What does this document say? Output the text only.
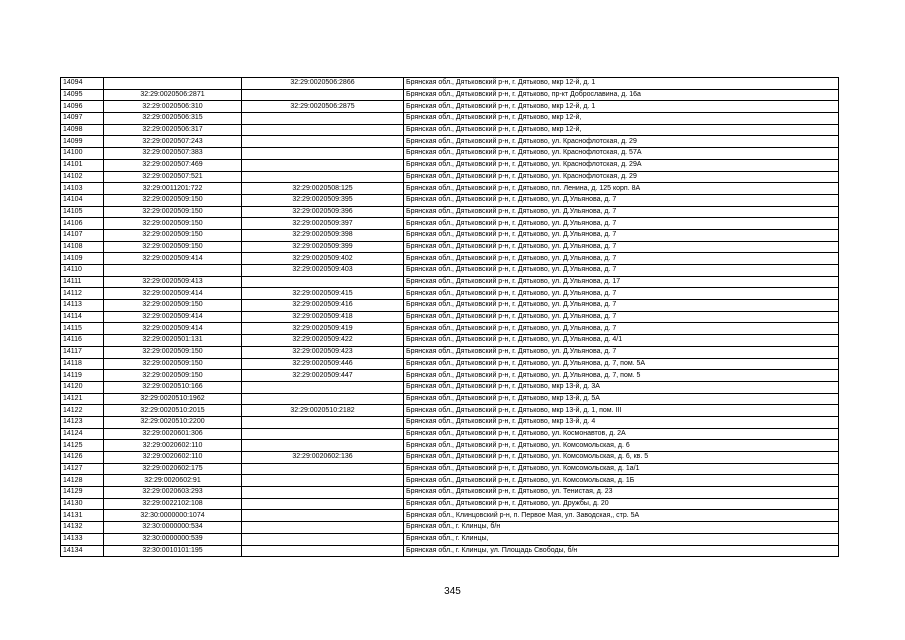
14094		32:29:0020506:2866	Брянская обл., Дятьковский р-н, г. Дятьково, мкр 12-й, д. 1
14095	32:29:0020506:2871		Брянская обл., Дятьковский р-н, г. Дятьково, пр-кт Доброславина, д. 16а
14096	32:29:0020506:310	32:29:0020506:2875	Брянская обл., Дятьковский р-н, г. Дятьково, мкр 12-й, д. 1
14097	32:29:0020506:315		Брянская обл., Дятьковский р-н, г. Дятьково, мкр 12-й,
14098	32:29:0020506:317		Брянская обл., Дятьковский р-н, г. Дятьково, мкр 12-й,
14099	32:29:0020507:243		Брянская обл., Дятьковский р-н, г. Дятьково, ул. Краснофлотская, д. 29
14100	32:29:0020507:383		Брянская обл., Дятьковский р-н, г. Дятьково, ул. Краснофлотская, д. 57А
14101	32:29:0020507:469		Брянская обл., Дятьковский р-н, г. Дятьково, ул. Краснофлотская, д. 29А
14102	32:29:0020507:521		Брянская обл., Дятьковский р-н, г. Дятьково, ул. Краснофлотская, д. 29
14103	32:29:0011201:722	32:29:0020508:125	Брянская обл., Дятьковский р-н, г. Дятьково, пл. Ленина, д. 125 корп. 8А
14104	32:29:0020509:150	32:29:0020509:395	Брянская обл., Дятьковский р-н, г. Дятьково, ул. Д.Ульянова, д. 7
14105	32:29:0020509:150	32:29:0020509:396	Брянская обл., Дятьковский р-н, г. Дятьково, ул. Д.Ульянова, д. 7
14106	32:29:0020509:150	32:29:0020509:397	Брянская обл., Дятьковский р-н, г. Дятьково, ул. Д.Ульянова, д. 7
14107	32:29:0020509:150	32:29:0020509:398	Брянская обл., Дятьковский р-н, г. Дятьково, ул. Д.Ульянова, д. 7
14108	32:29:0020509:150	32:29:0020509:399	Брянская обл., Дятьковский р-н, г. Дятьково, ул. Д.Ульянова, д. 7
14109	32:29:0020509:414	32:29:0020509:402	Брянская обл., Дятьковский р-н, г. Дятьково, ул. Д.Ульянова, д. 7
14110		32:29:0020509:403	Брянская обл., Дятьковский р-н, г. Дятьково, ул. Д.Ульянова, д. 7
14111	32:29:0020509:413		Брянская обл., Дятьковский р-н, г. Дятьково, ул. Д.Ульянова, д. 17
14112	32:29:0020509:414	32:29:0020509:415	Брянская обл., Дятьковский р-н, г. Дятьково, ул. Д.Ульянова, д. 7
14113	32:29:0020509:150	32:29:0020509:416	Брянская обл., Дятьковский р-н, г. Дятьково, ул. Д.Ульянова, д. 7
14114	32:29:0020509:414	32:29:0020509:418	Брянская обл., Дятьковский р-н, г. Дятьково, ул. Д.Ульянова, д. 7
14115	32:29:0020509:414	32:29:0020509:419	Брянская обл., Дятьковский р-н, г. Дятьково, ул. Д.Ульянова, д. 7
14116	32:29:0020501:131	32:29:0020509:422	Брянская обл., Дятьковский р-н, г. Дятьково, ул. Д.Ульянова, д. 4/1
14117	32:29:0020509:150	32:29:0020509:423	Брянская обл., Дятьковский р-н, г. Дятьково, ул. Д.Ульянова, д. 7
14118	32:29:0020509:150	32:29:0020509:446	Брянская обл., Дятьковский р-н, г. Дятьково, ул. Д.Ульянова, д. 7, пом. 5А
14119	32:29:0020509:150	32:29:0020509:447	Брянская обл., Дятьковский р-н, г. Дятьково, ул. Д.Ульянова, д. 7, пом. 5
14120	32:29:0020510:166		Брянская обл., Дятьковский р-н, г. Дятьково, мкр 13-й, д. 3А
14121	32:29:0020510:1962		Брянская обл., Дятьковский р-н, г. Дятьково, мкр 13-й, д. 5А
14122	32:29:0020510:2015	32:29:0020510:2182	Брянская обл., Дятьковский р-н, г. Дятьково, мкр 13-й, д. 1, пом. III
14123	32:29:0020510:2200		Брянская обл., Дятьковский р-н, г. Дятьково, мкр 13-й, д. 4
14124	32:29:0020601:306		Брянская обл., Дятьковский р-н, г. Дятьково, ул. Космонавтов, д. 2А
14125	32:29:0020602:110		Брянская обл., Дятьковский р-н, г. Дятьково, ул. Комсомольская, д. 6
14126	32:29:0020602:110	32:29:0020602:136	Брянская обл., Дятьковский р-н, г. Дятьково, ул. Комсомольская, д. 6, кв. 5
14127	32:29:0020602:175		Брянская обл., Дятьковский р-н, г. Дятьково, ул. Комсомольская, д. 1а/1
14128	32:29:0020602:91		Брянская обл., Дятьковский р-н, г. Дятьково, ул. Комсомольская, д. 1Б
14129	32:29:0020603:293		Брянская обл., Дятьковский р-н, г. Дятьково, ул. Тенистая, д. 23
14130	32:29:0022102:108		Брянская обл., Дятьковский р-н, г. Дятьково, ул. Дружбы, д. 20
14131	32:30:0000000:1074		Брянская обл., Клинцовский р-н, п. Первое Мая, ул. Заводская,, стр. 5А
14132	32:30:0000000:534		Брянская обл., г. Клинцы, б/н
14133	32:30:0000000:539		Брянская обл., г. Клинцы,
14134	32:30:0010101:195		Брянская обл., г. Клинцы, ул. Площадь Свободы, б/н
345
